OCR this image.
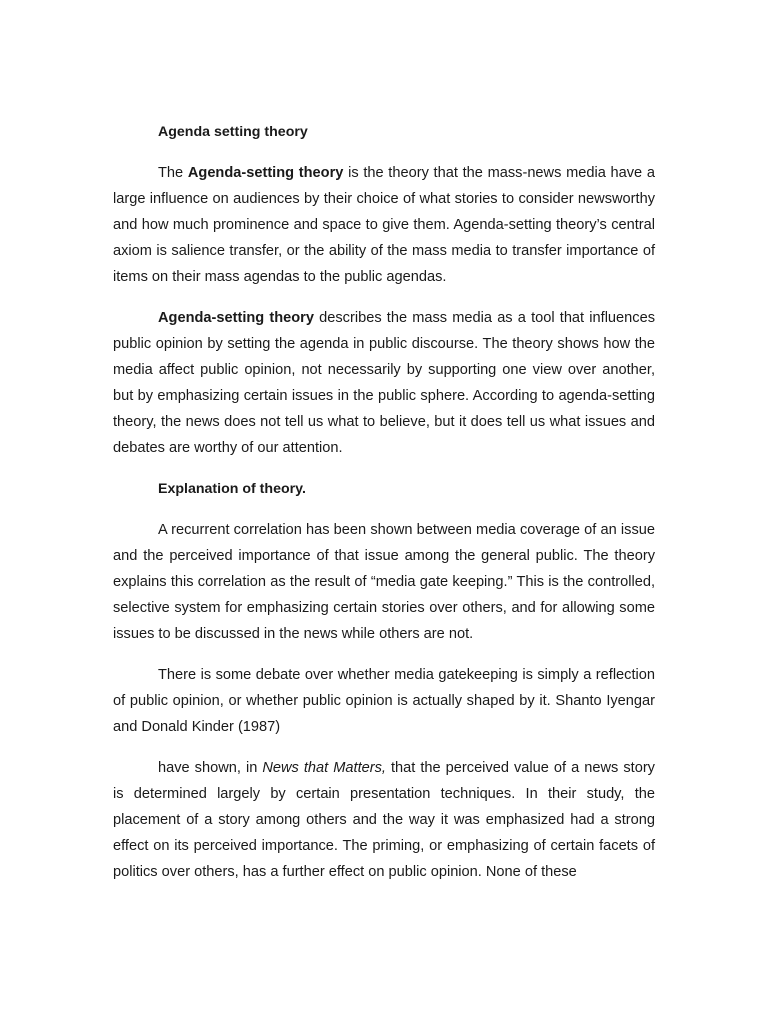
Agenda setting theory
The Agenda-setting theory is the theory that the mass-news media have a large influence on audiences by their choice of what stories to consider newsworthy and how much prominence and space to give them. Agenda-setting theory’s central axiom is salience transfer, or the ability of the mass media to transfer importance of items on their mass agendas to the public agendas.
Agenda-setting theory describes the mass media as a tool that influences public opinion by setting the agenda in public discourse. The theory shows how the media affect public opinion, not necessarily by supporting one view over another, but by emphasizing certain issues in the public sphere. According to agenda-setting theory, the news does not tell us what to believe, but it does tell us what issues and debates are worthy of our attention.
Explanation of theory.
A recurrent correlation has been shown between media coverage of an issue and the perceived importance of that issue among the general public. The theory explains this correlation as the result of “media gate keeping.” This is the controlled, selective system for emphasizing certain stories over others, and for allowing some issues to be discussed in the news while others are not.
There is some debate over whether media gatekeeping is simply a reflection of public opinion, or whether public opinion is actually shaped by it. Shanto Iyengar and Donald Kinder (1987)
have shown, in News that Matters, that the perceived value of a news story is determined largely by certain presentation techniques. In their study, the placement of a story among others and the way it was emphasized had a strong effect on its perceived importance. The priming, or emphasizing of certain facets of politics over others, has a further effect on public opinion. None of these
